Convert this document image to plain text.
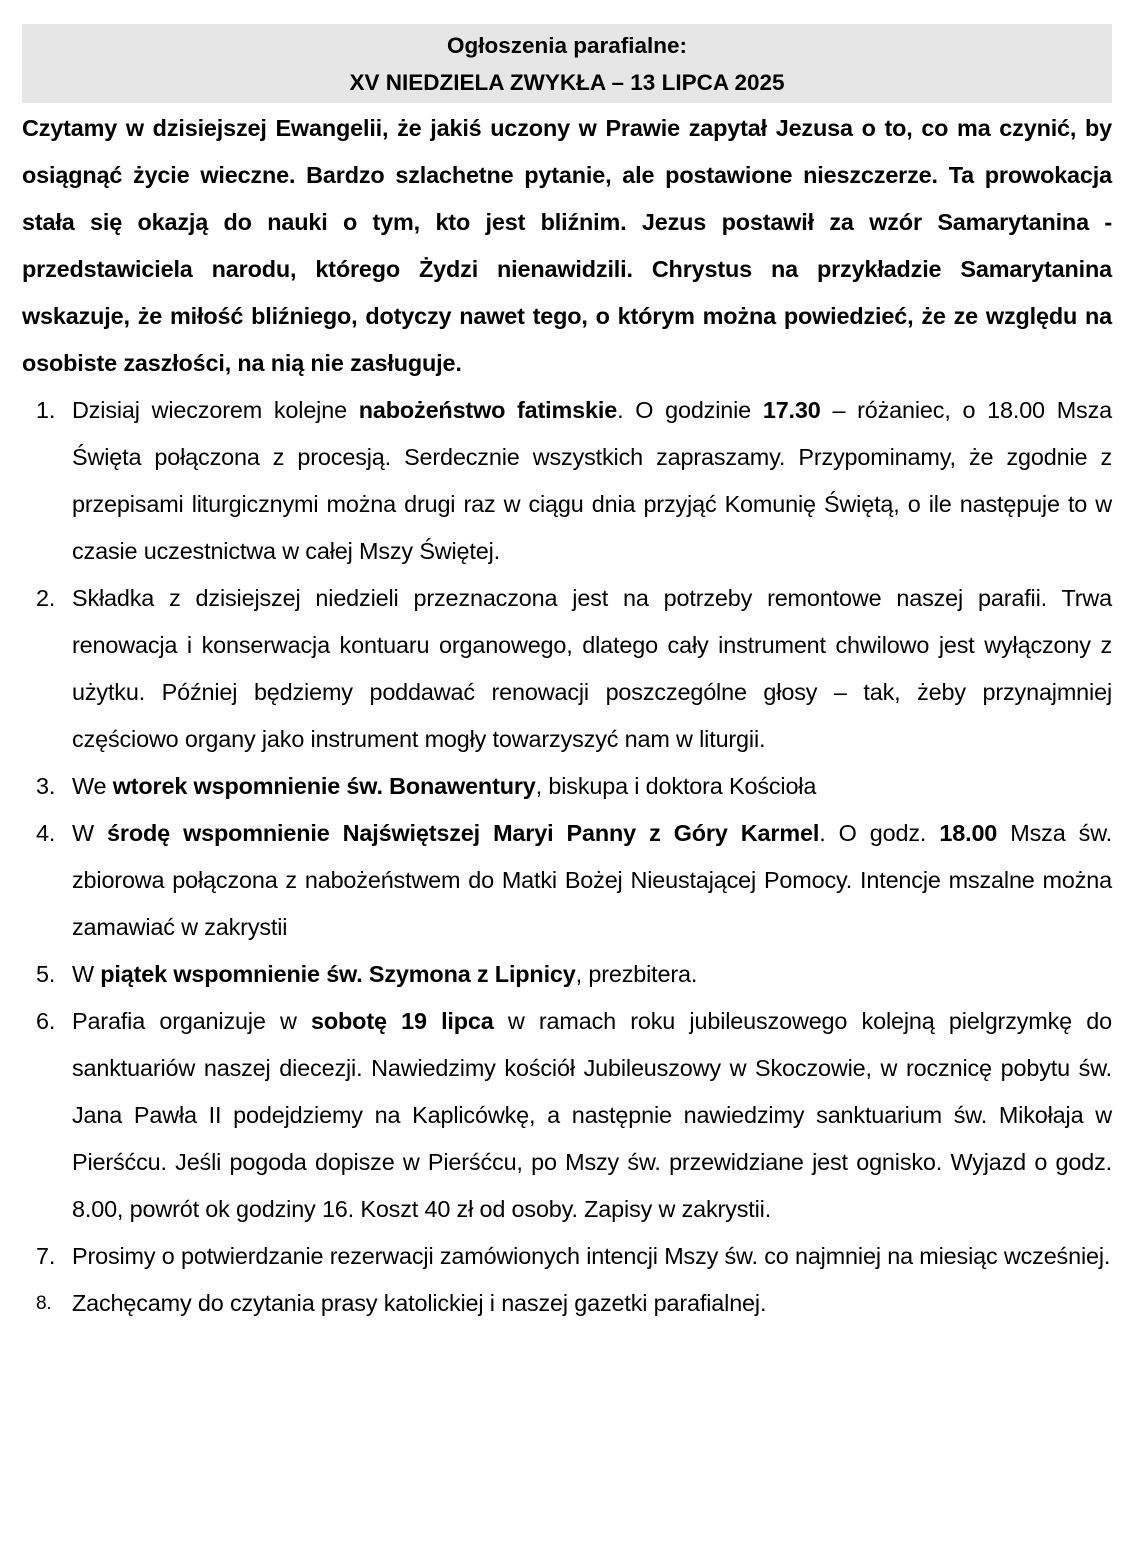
Ogłoszenia parafialne:
XV NIEDZIELA ZWYKŁA – 13 LIPCA 2025
Czytamy w dzisiejszej Ewangelii, że jakiś uczony w Prawie zapytał Jezusa o to, co ma czynić, by osiągnąć życie wieczne. Bardzo szlachetne pytanie, ale postawione nieszczerze. Ta prowokacja stała się okazją do nauki o tym, kto jest bliźnim. Jezus postawił za wzór Samarytanina - przedstawiciela narodu, którego Żydzi nienawidzili. Chrystus na przykładzie Samarytanina wskazuje, że miłość bliźniego, dotyczy nawet tego, o którym można powiedzieć, że ze względu na osobiste zaszłości, na nią nie zasługuje.
1. Dzisiaj wieczorem kolejne nabożeństwo fatimskie. O godzinie 17.30 – różaniec, o 18.00 Msza Święta połączona z procesją. Serdecznie wszystkich zapraszamy. Przypominamy, że zgodnie z przepisami liturgicznymi można drugi raz w ciągu dnia przyjąć Komunię Świętą, o ile następuje to w czasie uczestnictwa w całej Mszy Świętej.
2. Składka z dzisiejszej niedzieli przeznaczona jest na potrzeby remontowe naszej parafii. Trwa renowacja i konserwacja kontuaru organowego, dlatego cały instrument chwilowo jest wyłączony z użytku. Później będziemy poddawać renowacji poszczególne głosy – tak, żeby przynajmniej częściowo organy jako instrument mogły towarzyszyć nam w liturgii.
3. We wtorek wspomnienie św. Bonawentury, biskupa i doktora Kościoła
4. W środę wspomnienie Najświętszej Maryi Panny z Góry Karmel. O godz. 18.00 Msza św. zbiorowa połączona z nabożeństwem do Matki Bożej Nieustającej Pomocy. Intencje mszalne można zamawiać w zakrystii
5. W piątek wspomnienie św. Szymona z Lipnicy, prezbitera.
6. Parafia organizuje w sobotę 19 lipca w ramach roku jubileuszowego kolejną pielgrzymkę do sanktuariów naszej diecezji. Nawiedzimy kościół Jubileuszowy w Skoczowie, w rocznicę pobytu św. Jana Pawła II podejdziemy na Kaplicówkę, a następnie nawiedzimy sanktuarium św. Mikołaja w Pierśćcu. Jeśli pogoda dopisze w Pierśćcu, po Mszy św. przewidziane jest ognisko. Wyjazd o godz. 8.00, powrót ok godziny 16. Koszt 40 zł od osoby. Zapisy w zakrystii.
7. Prosimy o potwierdzanie rezerwacji zamówionych intencji Mszy św. co najmniej na miesiąc wcześniej.
8. Zachęcamy do czytania prasy katolickiej i naszej gazetki parafialnej.
